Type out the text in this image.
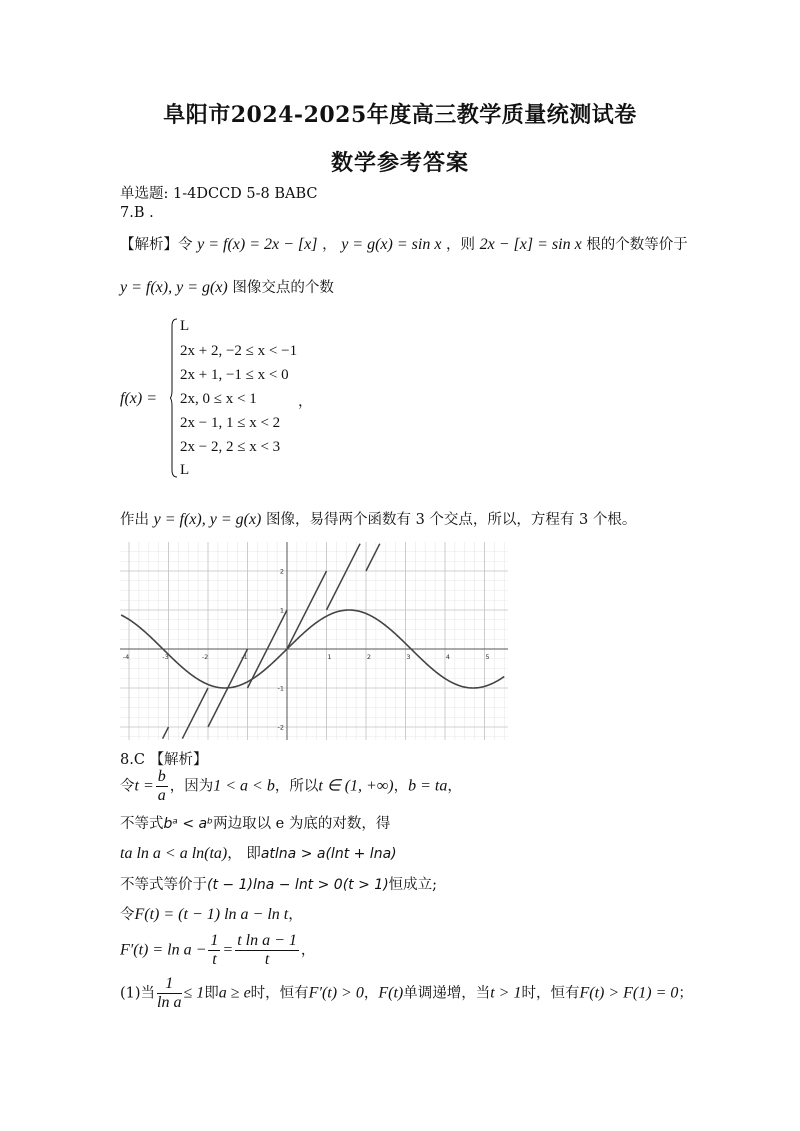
阜阳市2024-2025年度高三教学质量统测试卷
数学参考答案
单选题: 1-4DCCD 5-8 BABC
7.B .
【解析】令 y = f(x) = 2x − [x] ， y = g(x) = sin x ，则 2x − [x] = sin x 根的个数等价于
y = f(x), y = g(x) 图像交点的个数
f(x) =
L
2x + 2, −2 ≤ x < −1
2x + 1, −1 ≤ x < 0
2x, 0 ≤ x < 1
2x − 1, 1 ≤ x < 2
2x − 2, 2 ≤ x < 3
L
，
作出 y = f(x), y = g(x) 图像，易得两个函数有 3 个交点，所以，方程有 3 个根。
-4	-3	-2	-1	1	2	3	4	5
2
1
-1
-2
8.C 【解析】
令$t = \frac{b}{a}$ ，因为1 < a < b，所以t ∈ (1, +∞)，b = ta，
不等式bᵃ < aᵇ两边取以 e 为底的对数，得
ta ln a < a ln(ta)， 即atlna > a(lnt + lna)
不等式等价于(t − 1)lna − lnt > 0(t > 1)恒成立;
令F(t) = (t − 1) ln a − ln t，
$F'(t) = \ln a - \frac{1}{t} = \frac{\text{t ln a − 1}}{t}$ ，
(1)当 $\frac{1}{\text{ln a}} \le 1$即a ≥ e时，恒有F′(t) > 0，F(t)单调递增，当t > 1时，恒有F(t) > F(1) = 0；
